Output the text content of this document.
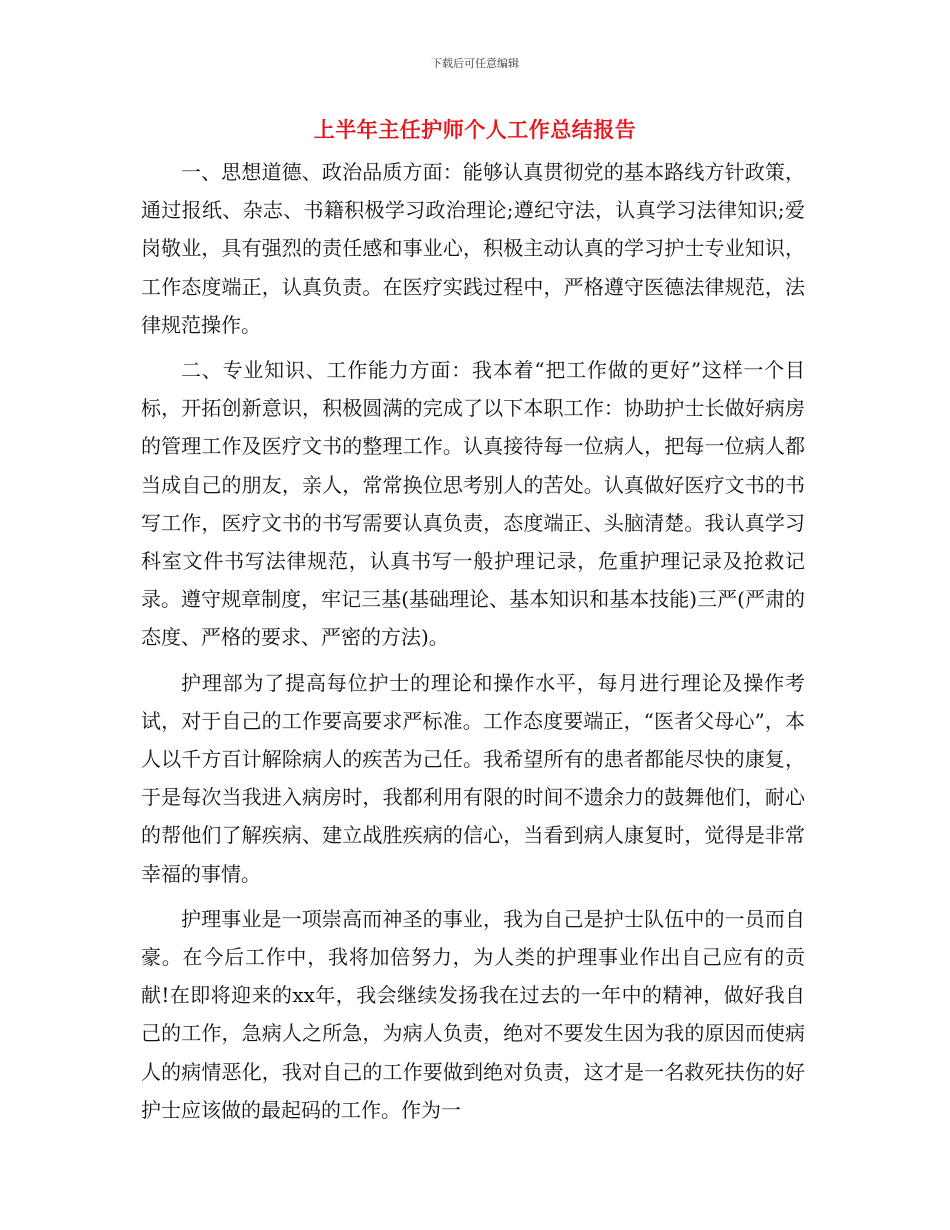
下载后可任意编辑
上半年主任护师个人工作总结报告

一、思想道德、政治品质方面：能够认真贯彻党的基本路线方针政策，通过报纸、杂志、书籍积极学习政治理论;遵纪守法，认真学习法律知识;爱岗敬业，具有强烈的责任感和事业心，积极主动认真的学习护士专业知识，工作态度端正，认真负责。在医疗实践过程中，严格遵守医德法律规范，法律规范操作。

二、专业知识、工作能力方面：我本着“把工作做的更好”这样一个目标，开拓创新意识，积极圆满的完成了以下本职工作：协助护士长做好病房的管理工作及医疗文书的整理工作。认真接待每一位病人，把每一位病人都当成自己的朋友，亲人，常常换位思考别人的苦处。认真做好医疗文书的书写工作，医疗文书的书写需要认真负责，态度端正、头脑清楚。我认真学习科室文件书写法律规范，认真书写一般护理记录，危重护理记录及抢救记录。遵守规章制度，牢记三基(基础理论、基本知识和基本技能)三严(严肃的态度、严格的要求、严密的方法)。

护理部为了提高每位护士的理论和操作水平，每月进行理论及操作考试，对于自己的工作要高要求严标准。工作态度要端正，“医者父母心”，本人以千方百计解除病人的疾苦为己任。我希望所有的患者都能尽快的康复，于是每次当我进入病房时，我都利用有限的时间不遗余力的鼓舞他们，耐心的帮他们了解疾病、建立战胜疾病的信心，当看到病人康复时，觉得是非常幸福的事情。

护理事业是一项崇高而神圣的事业，我为自己是护士队伍中的一员而自豪。在今后工作中，我将加倍努力，为人类的护理事业作出自己应有的贡献!在即将迎来的xx年，我会继续发扬我在过去的一年中的精神，做好我自己的工作，急病人之所急，为病人负责，绝对不要发生因为我的原因而使病人的病情恶化，我对自己的工作要做到绝对负责，这才是一名救死扶伤的好护士应该做的最起码的工作。作为一
